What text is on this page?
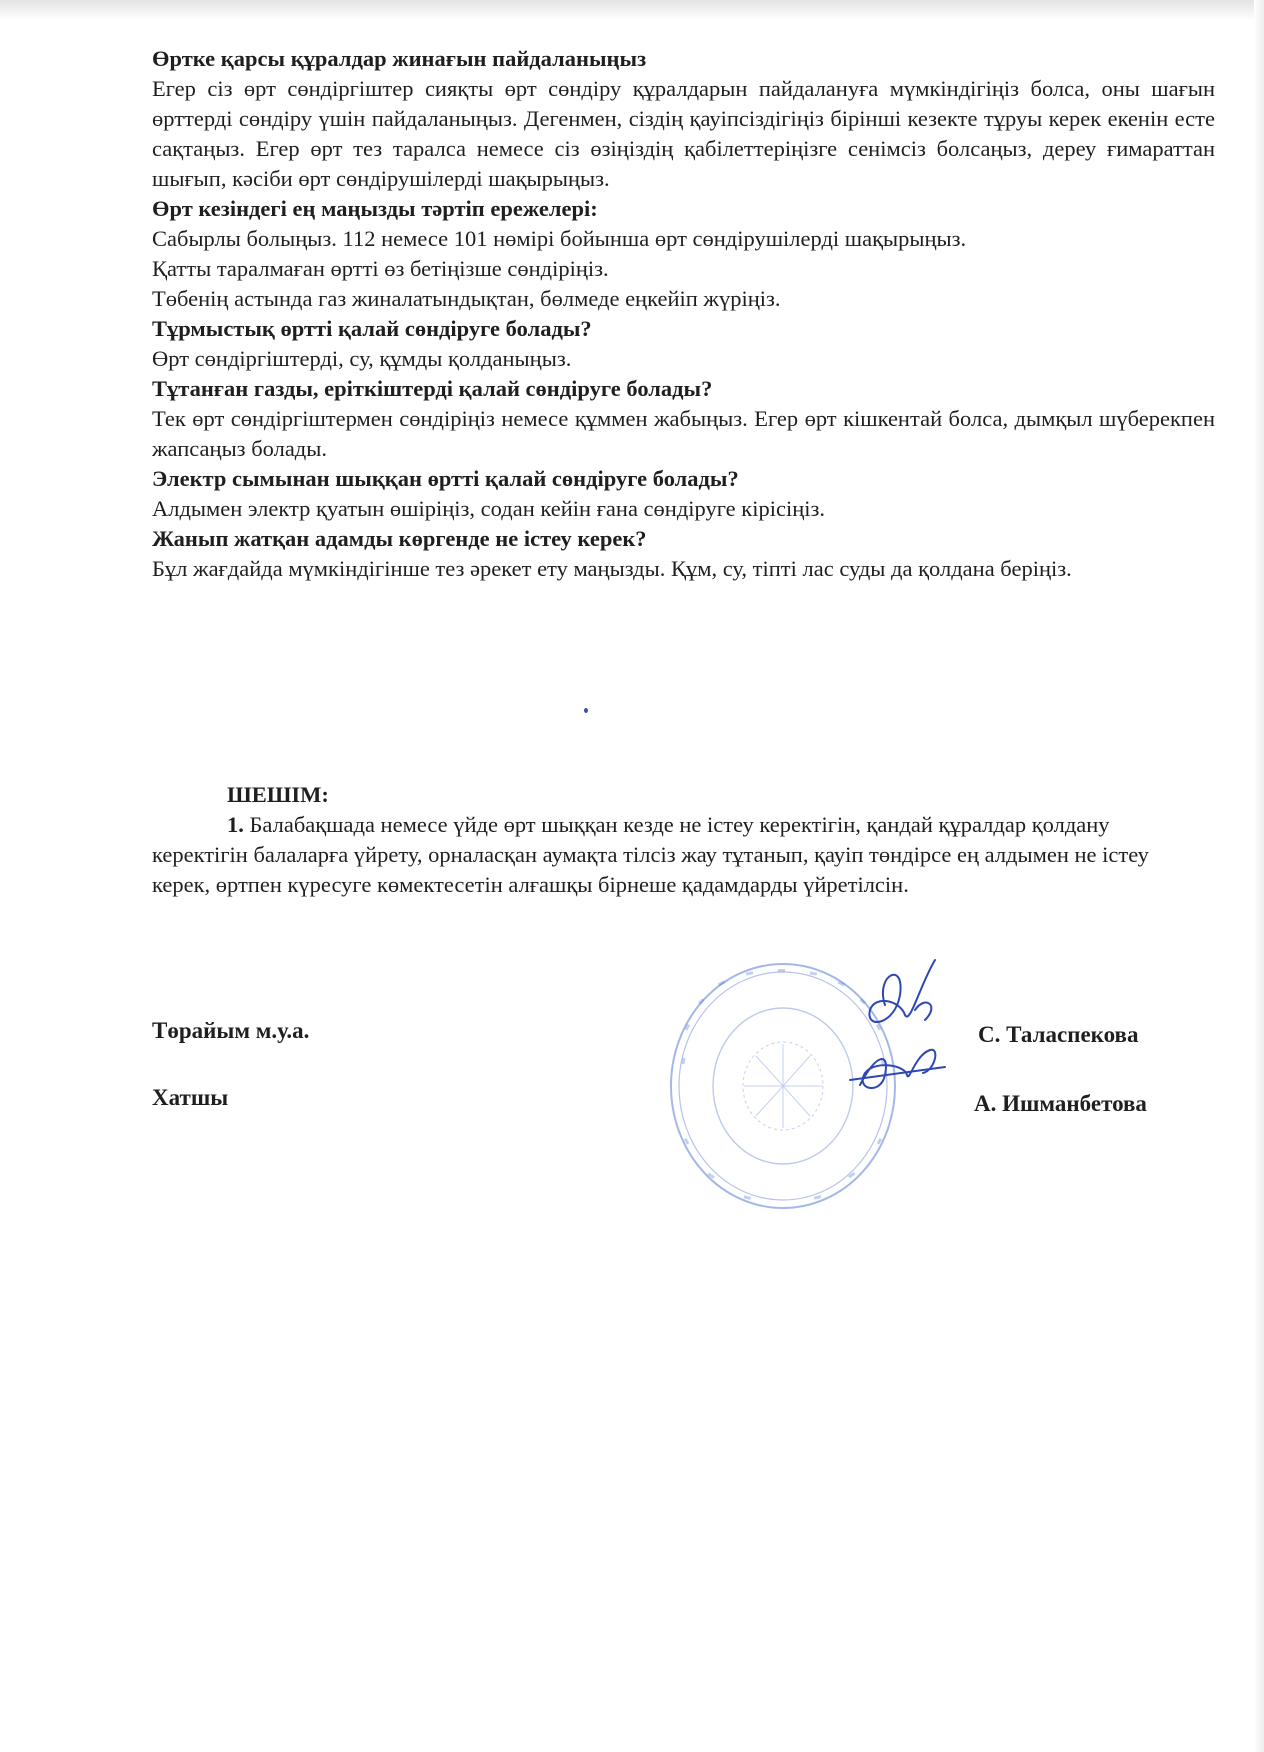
Өртке қарсы құралдар жинағын пайдаланыңыз

Егер сіз өрт сөндіргіштер сияқты өрт сөндіру құралдарын пайдалануға мүмкіндігіңіз болса, оны шағын өрттерді сөндіру үшін пайдаланыңыз. Дегенмен, сіздің қауіпсіздігіңіз бірінші кезекте тұруы керек екенін есте сақтаңыз. Егер өрт тез таралса немесе сіз өзіңіздің қабілеттеріңізге сенімсіз болсаңыз, дереу ғимараттан шығып, кәсіби өрт сөндірушілерді шақырыңыз.

Өрт кезіндегі ең маңызды тәртіп ережелері:

Сабырлы болыңыз. 112 немесе 101 нөмірі бойынша өрт сөндірушілерді шақырыңыз.

Қатты таралмаған өртті өз бетіңізше сөндіріңіз.

Төбенің астында газ жиналатындықтан, бөлмеде еңкейіп жүріңіз.

Тұрмыстық өртті қалай сөндіруге болады?

Өрт сөндіргіштерді, су, құмды қолданыңыз.

Тұтанған газды, еріткіштерді қалай сөндіруге болады?

Тек өрт сөндіргіштермен сөндіріңіз немесе құммен жабыңыз. Егер өрт кішкентай болса, дымқыл шүберекпен жапсаңыз болады.

Электр сымынан шыққан өртті қалай сөндіруге болады?

Алдымен электр қуатын өшіріңіз, содан кейін ғана сөндіруге кірісіңіз.

Жанып жатқан адамды көргенде не істеу керек?

Бұл жағдайда мүмкіндігінше тез әрекет ету маңызды. Құм, су, тіпті лас суды да қолдана беріңіз.

ШЕШІМ:

1. Балабақшада немесе үйде өрт шыққан кезде не істеу керектігін, қандай құралдар қолдану керектігін балаларға үйрету, орналасқан аумақта тілсіз жау тұтанып, қауіп төндірсе ең алдымен не істеу керек, өртпен күресуге көмектесетін алғашқы бірнеше қадамдарды үйретілсін.

Төрайым м.у.а.	С. Таласпекова
Хатшы	А. Ишманбетова
